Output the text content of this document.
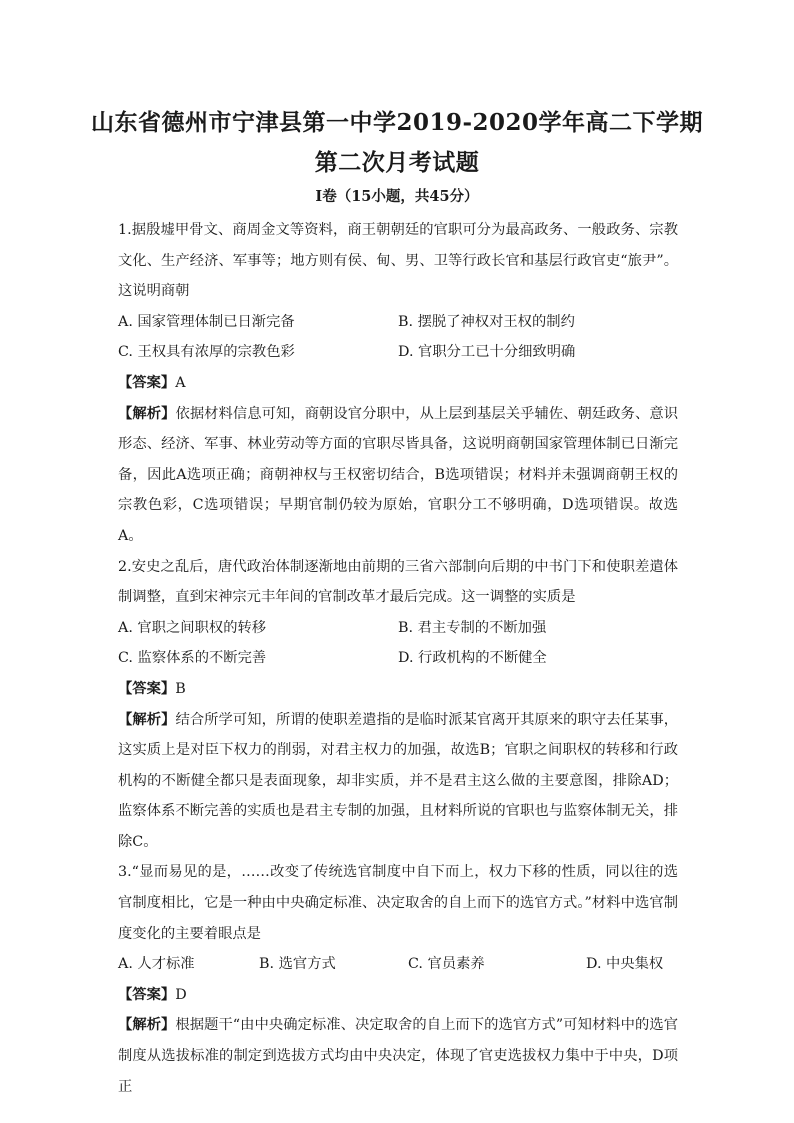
山东省德州市宁津县第一中学2019-2020学年高二下学期
第二次月考试题
I卷（15小题，共45分）

1.据殷墟甲骨文、商周金文等资料，商王朝朝廷的官职可分为最高政务、一般政务、宗教文化、生产经济、军事等；地方则有侯、甸、男、卫等行政长官和基层行政官吏“旅尹”。这说明商朝

A. 国家管理体制已日渐完备	B. 摆脱了神权对王权的制约
C. 王权具有浓厚的宗教色彩	D. 官职分工已十分细致明确

【答案】A

【解析】依据材料信息可知，商朝设官分职中，从上层到基层关乎辅佐、朝廷政务、意识形态、经济、军事、林业劳动等方面的官职尽皆具备，这说明商朝国家管理体制已日渐完备，因此A选项正确；商朝神权与王权密切结合，B选项错误；材料并未强调商朝王权的宗教色彩，C选项错误；早期官制仍较为原始，官职分工不够明确，D选项错误。故选A。

2.安史之乱后，唐代政治体制逐渐地由前期的三省六部制向后期的中书门下和使职差遣体制调整，直到宋神宗元丰年间的官制改革才最后完成。这一调整的实质是

A. 官职之间职权的转移	B. 君主专制的不断加强
C. 监察体系的不断完善	D. 行政机构的不断健全

【答案】B

【解析】结合所学可知，所谓的使职差遣指的是临时派某官离开其原来的职守去任某事，这实质上是对臣下权力的削弱，对君主权力的加强，故选B；官职之间职权的转移和行政机构的不断健全都只是表面现象，却非实质，并不是君主这么做的主要意图，排除AD；监察体系不断完善的实质也是君主专制的加强，且材料所说的官职也与监察体制无关，排除C。

3.“显而易见的是，……改变了传统选官制度中自下而上，权力下移的性质，同以往的选官制度相比，它是一种由中央确定标准、决定取舍的自上而下的选官方式。”材料中选官制度变化的主要着眼点是

A. 人才标准	B. 选官方式	C. 官员素养	D. 中央集权

【答案】D

【解析】根据题干“由中央确定标准、决定取舍的自上而下的选官方式”可知材料中的选官制度从选拔标准的制定到选拔方式均由中央决定，体现了官吏选拔权力集中于中央，D项正
